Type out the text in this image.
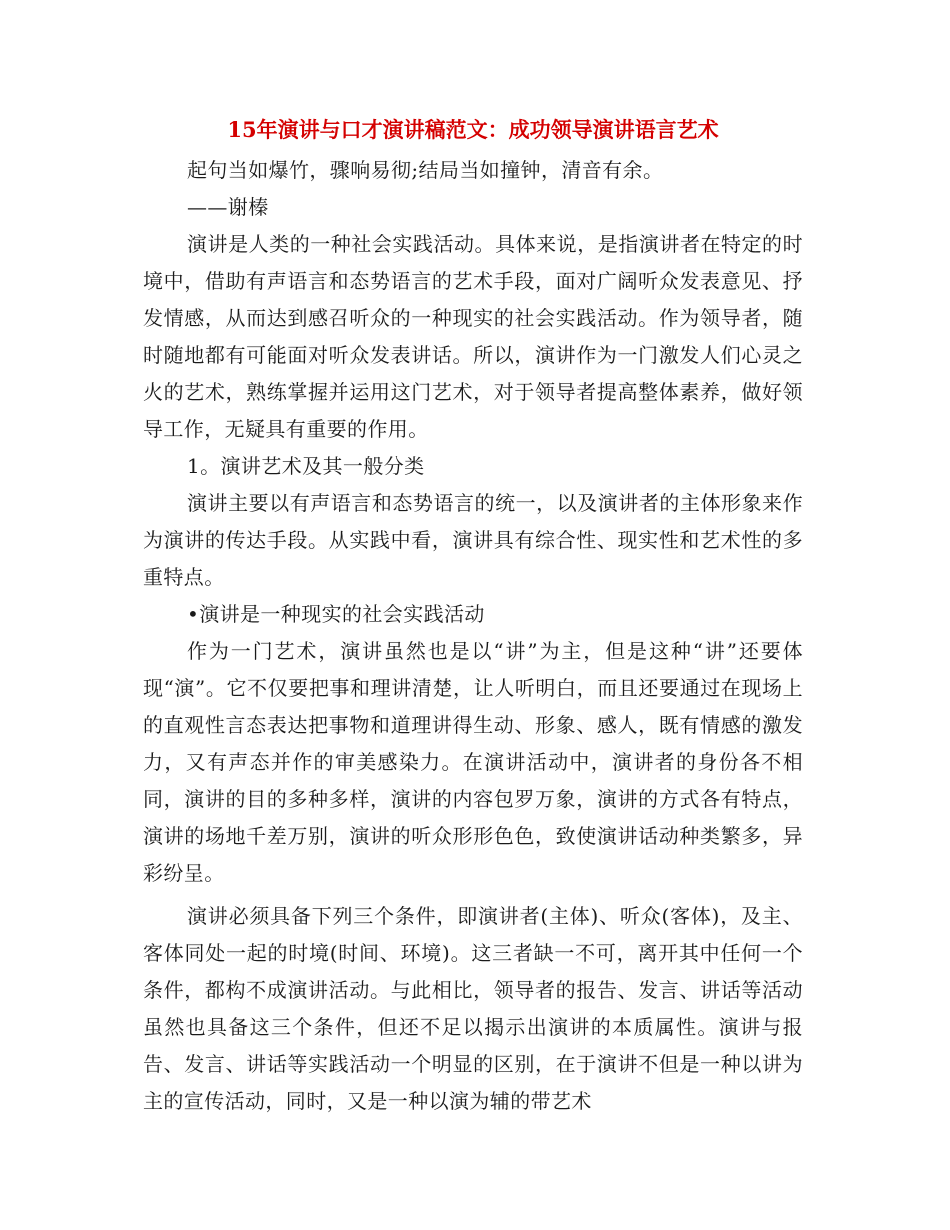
15年演讲与口才演讲稿范文：成功领导演讲语言艺术

起句当如爆竹，骤响易彻;结局当如撞钟，清音有余。

——谢榛

演讲是人类的一种社会实践活动。具体来说，是指演讲者在特定的时境中，借助有声语言和态势语言的艺术手段，面对广阔听众发表意见、抒发情感，从而达到感召听众的一种现实的社会实践活动。作为领导者，随时随地都有可能面对听众发表讲话。所以，演讲作为一门激发人们心灵之火的艺术，熟练掌握并运用这门艺术，对于领导者提高整体素养，做好领导工作，无疑具有重要的作用。

1。演讲艺术及其一般分类

演讲主要以有声语言和态势语言的统一，以及演讲者的主体形象来作为演讲的传达手段。从实践中看，演讲具有综合性、现实性和艺术性的多重特点。

•演讲是一种现实的社会实践活动

作为一门艺术，演讲虽然也是以“讲”为主，但是这种“讲”还要体现“演”。它不仅要把事和理讲清楚，让人听明白，而且还要通过在现场上的直观性言态表达把事物和道理讲得生动、形象、感人，既有情感的激发力，又有声态并作的审美感染力。在演讲活动中，演讲者的身份各不相同，演讲的目的多种多样，演讲的内容包罗万象，演讲的方式各有特点，演讲的场地千差万别，演讲的听众形形色色，致使演讲话动种类繁多，异彩纷呈。

演讲必须具备下列三个条件，即演讲者(主体)、听众(客体)，及主、客体同处一起的时境(时间、环境)。这三者缺一不可，离开其中任何一个条件，都构不成演讲活动。与此相比，领导者的报告、发言、讲话等活动虽然也具备这三个条件，但还不足以揭示出演讲的本质属性。演讲与报告、发言、讲话等实践活动一个明显的区别，在于演讲不但是一种以讲为主的宣传活动，同时，又是一种以演为辅的带艺术
